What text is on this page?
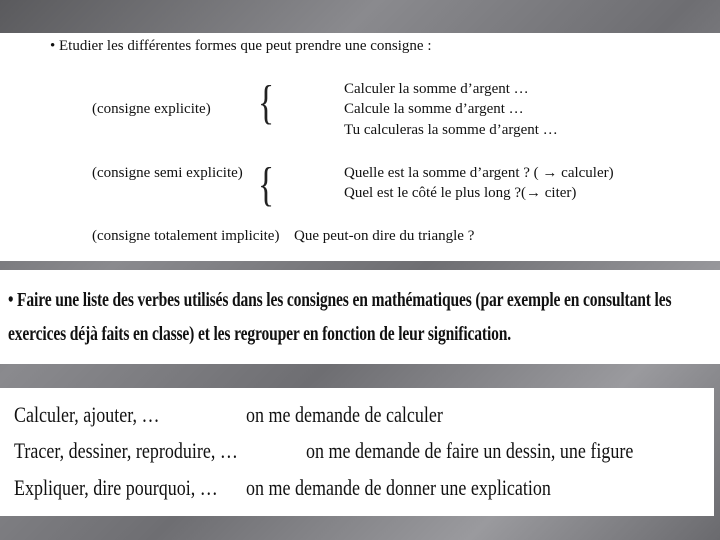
• Etudier les différentes formes que peut prendre une consigne :
(consigne explicite) {	Calculer la somme d’argent …
Calcule la somme d’argent …
Tu calculeras la somme d’argent …
(consigne semi explicite) {	Quelle est la somme d’argent ? ( → calculer)
Quel est le côté le plus long ?(→ citer)
(consigne totalement implicite) Que peut-on dire du triangle ?
• Faire une liste des verbes utilisés dans les consignes en mathématiques (par exemple en consultant les
exercices déjà faits en classe) et les regrouper en fonction de leur signification.
Calculer, ajouter, …	on me demande de calculer
Tracer, dessiner, reproduire, …	on me demande de faire un dessin, une figure
Expliquer, dire pourquoi, … on me demande de donner une explication
